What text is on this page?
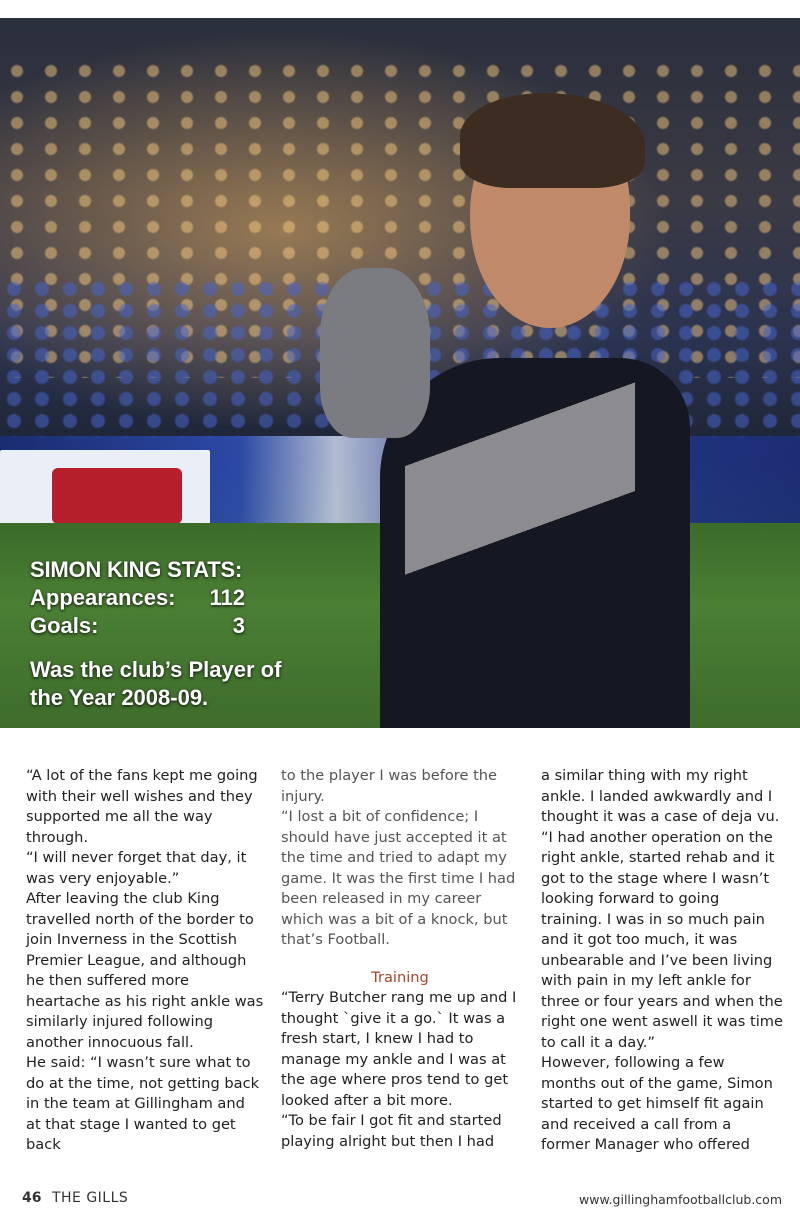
SIMON KING STATS:
Appearances:	112
Goals:	3
Was the club’s Player of the Year 2008-09.

“A lot of the fans kept me going with their well wishes and they supported me all the way through.

“I will never forget that day, it was very enjoyable.”

After leaving the club King travelled north of the border to join Inverness in the Scottish Premier League, and although he then suffered more heartache as his right ankle was similarly injured following another innocuous fall.

He said: “I wasn’t sure what to do at the time, not getting back in the team at Gillingham and at that stage I wanted to get back

to the player I was before the injury.

“I lost a bit of confidence; I should have just accepted it at the time and tried to adapt my game. It was the first time I had been released in my career which was a bit of a knock, but that’s Football.

Training

“Terry Butcher rang me up and I thought `give it a go.` It was a fresh start, I knew I had to manage my ankle and I was at the age where pros tend to get looked after a bit more.

“To be fair I got fit and started playing alright but then I had

a similar thing with my right ankle. I landed awkwardly and I thought it was a case of deja vu.

“I had another operation on the right ankle, started rehab and it got to the stage where I wasn’t looking forward to going training. I was in so much pain and it got too much, it was unbearable and I’ve been living with pain in my left ankle for three or four years and when the right one went aswell it was time to call it a day.”

However, following a few months out of the game, Simon started to get himself fit again and received a call from a former Manager who offered

46 THE GILLS	www.gillinghamfootballclub.com
